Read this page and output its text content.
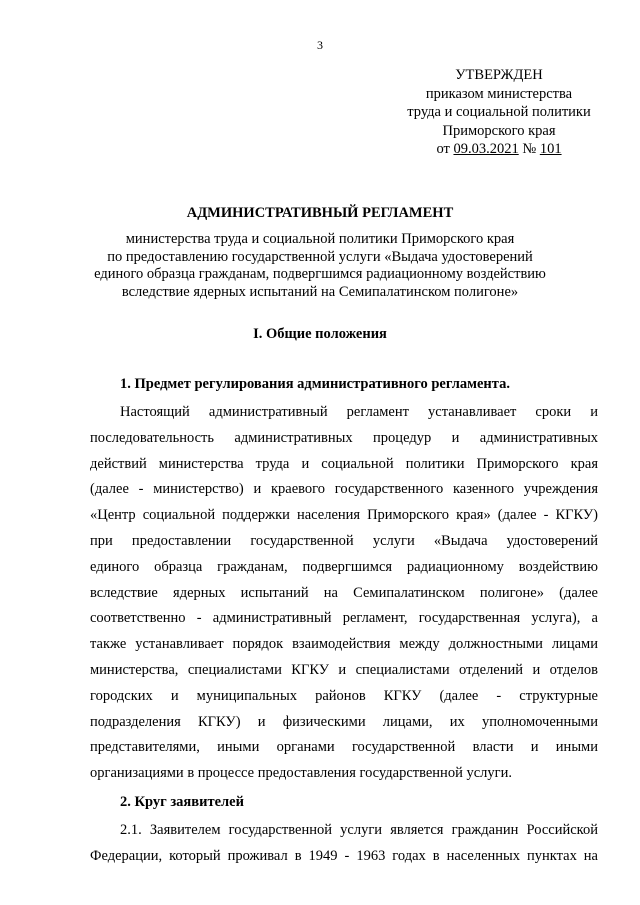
3
УТВЕРЖДЕН
приказом министерства
труда и социальной политики
Приморского края
от 09.03.2021 № 101
АДМИНИСТРАТИВНЫЙ РЕГЛАМЕНТ
министерства труда и социальной политики Приморского края
по предоставлению государственной услуги «Выдача удостоверений
единого образца гражданам, подвергшимся радиационному воздействию
вследствие ядерных испытаний на Семипалатинском полигоне»
I. Общие положения
1. Предмет регулирования административного регламента.
Настоящий административный регламент устанавливает сроки и
последовательность административных процедур и административных
действий министерства труда и социальной политики Приморского края
(далее - министерство) и краевого государственного казенного учреждения
«Центр социальной поддержки населения Приморского края» (далее - КГКУ)
при предоставлении государственной услуги «Выдача удостоверений
единого образца гражданам, подвергшимся радиационному воздействию
вследствие ядерных испытаний на Семипалатинском полигоне» (далее
соответственно - административный регламент, государственная услуга), а
также устанавливает порядок взаимодействия между должностными лицами
министерства, специалистами КГКУ и специалистами отделений и отделов
городских и муниципальных районов КГКУ (далее - структурные
подразделения КГКУ) и физическими лицами, их уполномоченными
представителями, иными органами государственной власти и иными
организациями в процессе предоставления государственной услуги.
2. Круг заявителей
2.1. Заявителем государственной услуги является гражданин Российской
Федерации, который проживал в 1949 - 1963 годах в населенных пунктах на
